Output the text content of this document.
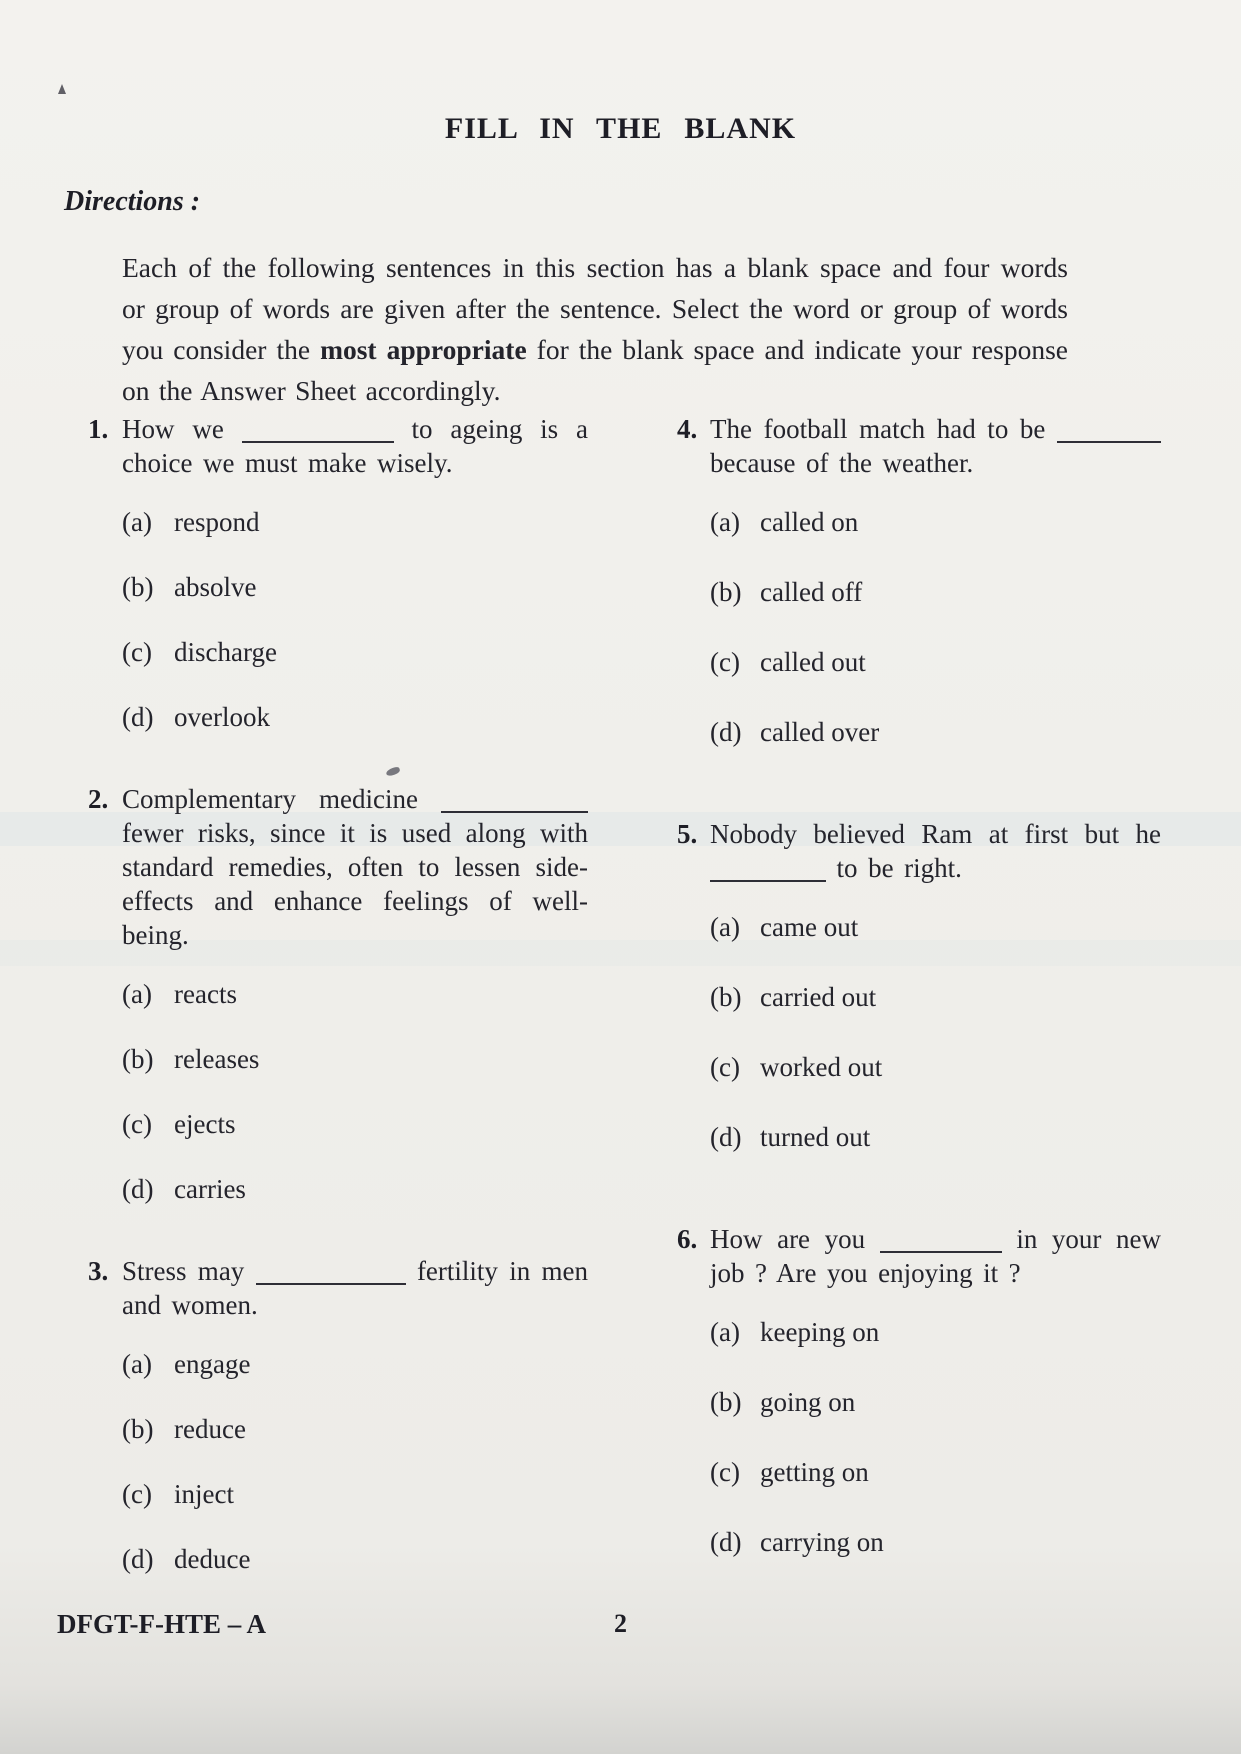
FILL IN THE BLANK
Directions :

Each of the following sentences in this section has a blank space and four words or group of words are given after the sentence. Select the word or group of words you consider the most appropriate for the blank space and indicate your response on the Answer Sheet accordingly.

1. How we	to ageing is a choice we must make wisely.

(a) respond
(b) absolve
(c) discharge
(d) overlook
2. Complementary medicine  fewer risks, since it is used along with standard remedies, often to lessen side-effects and enhance feelings of well-being.

(a) reacts
(b) releases
(c) ejects
(d) carries
3. Stress may	fertility in men and women.

(a) engage
(b) reduce
(c) inject
(d) deduce
4. The football match had to be  because of the weather.

(a) called on
(b) called off
(c) called out
(d) called over
5. Nobody believed Ram at first but he  to be right.

(a) came out
(b) carried out
(c) worked out
(d) turned out
6. How are you	in your new job ? Are you enjoying it ?

(a) keeping on
(b) going on
(c) getting on
(d) carrying on
DFGT-F-HTE – A	2
